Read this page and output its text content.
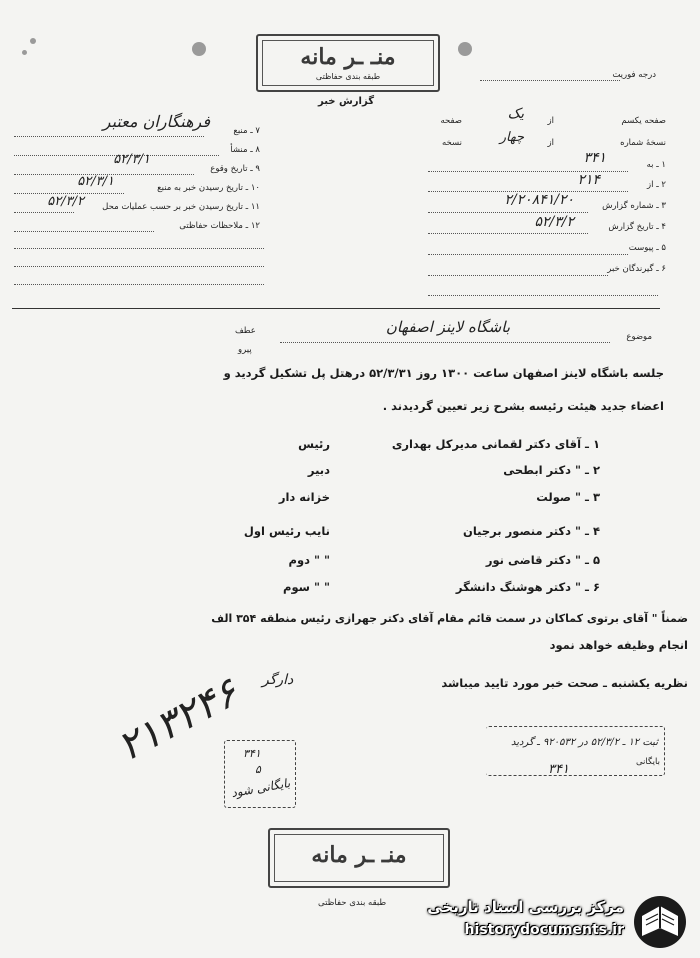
منـ ـر مانه
طبقه بندی حفاظتی
گزارش خبر
درجه فوریت
صفحه یکسم
از
صفحه	یک
نسخهٔ شماره
از
نسخه	چهار
۱ ـ به
۳۴۱
۲ ـ از
۲۱۴
۳ ـ شماره گزارش
۲/۲۰۸۴۱/۲۰
۴ ـ تاریخ گزارش
۵۲/۳/۲
۵ ـ پیوست
۶ ـ گیرندگان خبر
۷ ـ منبع
فرهنگاران معتبر
۸ ـ منشأ
۹ ـ تاریخ وقوع
۵۲/۳/۱
۱۰ ـ تاریخ رسیدن خبر به منبع
۵۲/۳/۱
۱۱ ـ تاریخ رسیدن خبر بر حسب عملیات محل
۵۲/۳/۲
۱۲ ـ ملاحظات حفاظتی
موضوع
باشگاه لاینز اصفهان
عطف
پیرو
جلسه باشگاه لاینز اصفهان ساعت ۱۳۰۰ روز ۵۲/۳/۳۱ درهتل پل تشکیل گردید و
اعضاء جدید هیئت رئیسه بشرح زیر تعیین گردیدند .
۱ ـ آقای دکتر لقمانی مدیرکل بهداری
رئیس
۲ ـ " دکتر ابطحی
دبیر
۳ ـ " صولت
خزانه دار
۴ ـ " دکتر منصور برجیان
نایب رئیس اول
۵ ـ " دکتر قاضی نور
" " دوم
۶ ـ " دکتر هوشنگ دانشگر
" " سوم
ضمناً " آقای برتوی کماکان در سمت قائم مقام آقای دکتر جهرازی رئیس منطقه ۳۵۴ الف
انجام وظیفه خواهد نمود
نظریه یکشنبه ـ صحت خبر مورد تایید میباشد
دارگر
۲۱۳۲۴۶
۳۴۱
۵
بایگانی شود
ثبت ۱۲ ـ ۵۲/۳/۲ در ۹۲۰۵۳۲ ـ گردید
بایگانی
۳۴۱
منـ ـر مانه
طبقه بندی حفاظتی	مرکز بررسی اسناد تاریخی
historydocuments.ir
